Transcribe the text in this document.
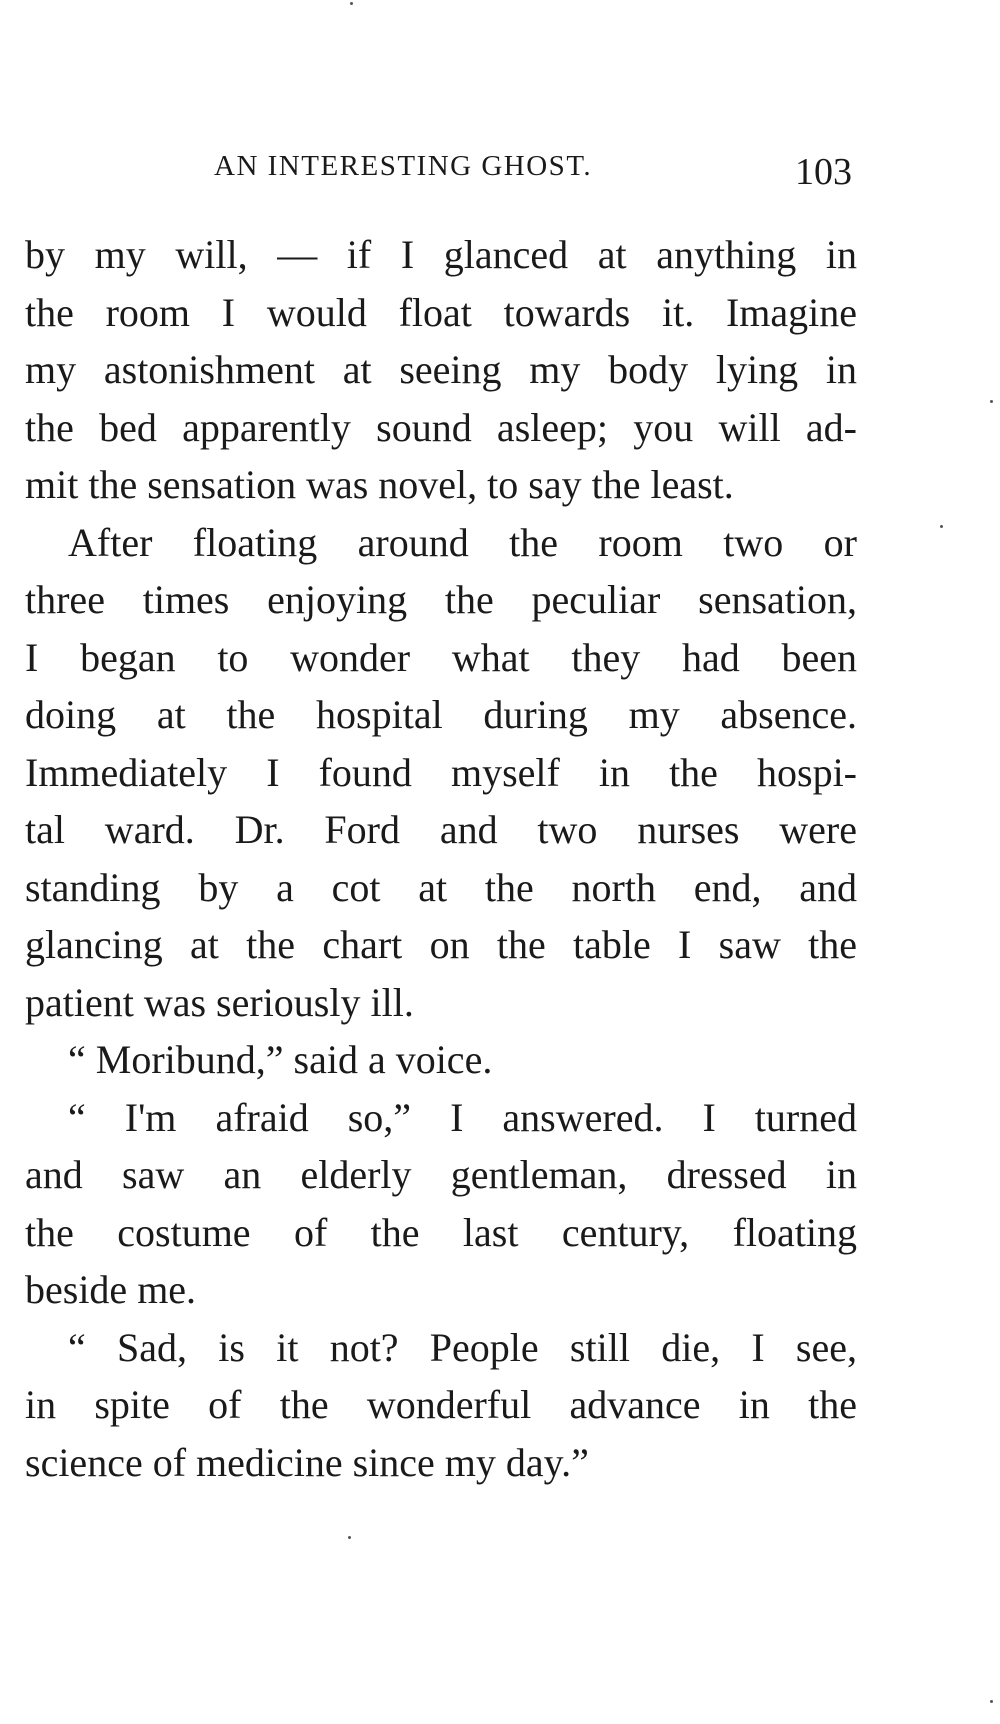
AN INTERESTING GHOST.	103
by my will, — if I glanced at anything in
the room I would float towards it. Imagine
my astonishment at seeing my body lying in
the bed apparently sound asleep; you will ad-
mit the sensation was novel, to say the least.
After floating around the room two or
three times enjoying the peculiar sensation,
I began to wonder what they had been
doing at the hospital during my absence.
Immediately I found myself in the hospi-
tal ward. Dr. Ford and two nurses were
standing by a cot at the north end, and
glancing at the chart on the table I saw the
patient was seriously ill.
“ Moribund,” said a voice.
“ I'm afraid so,” I answered. I turned
and saw an elderly gentleman, dressed in
the costume of the last century, floating
beside me.
“ Sad, is it not? People still die, I see,
in spite of the wonderful advance in the
science of medicine since my day.”
